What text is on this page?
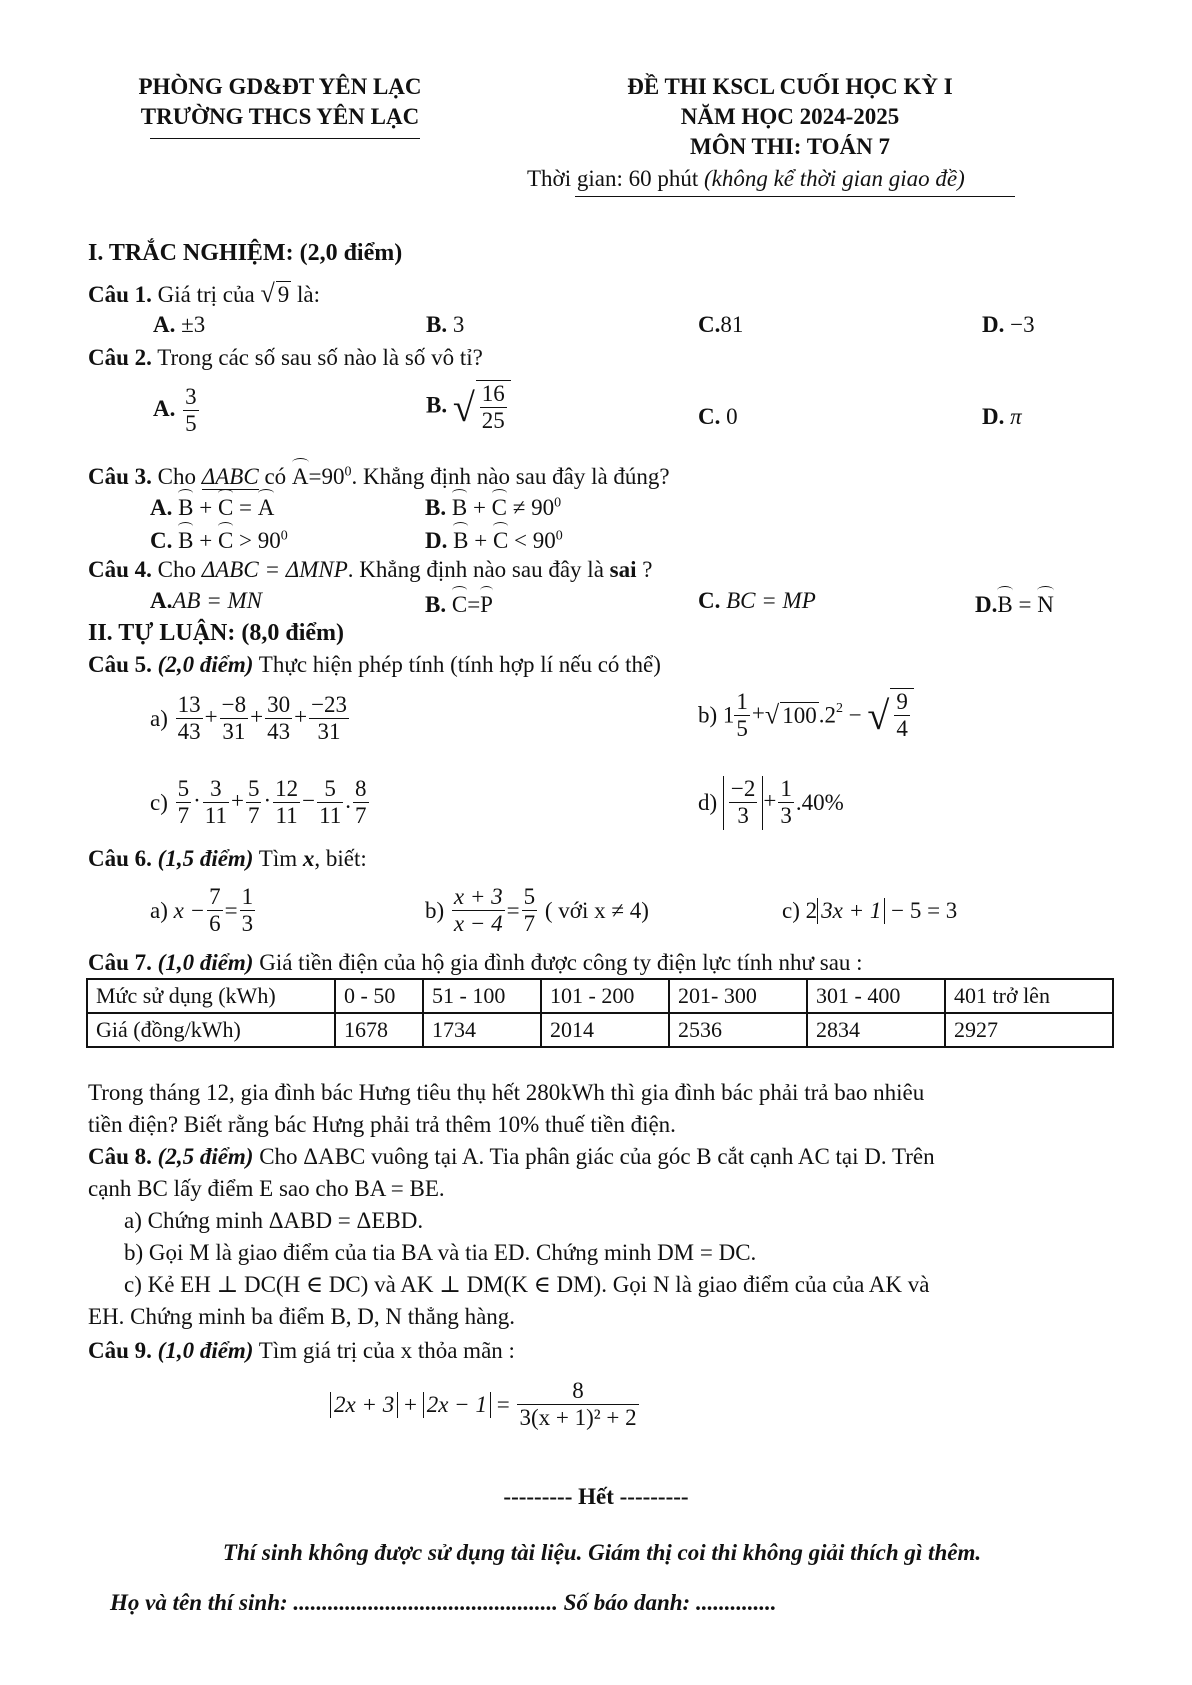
PHÒNG GD&ĐT YÊN LẠC
TRƯỜNG THCS YÊN LẠC
ĐỀ THI KSCL CUỐI HỌC KỲ I
NĂM HỌC 2024-2025
MÔN THI: TOÁN 7
Thời gian: 60 phút (không kể thời gian giao đề)
I. TRẮC NGHIỆM: (2,0 điểm)
Câu 1. Giá trị của √ 9 là:
A. ±3	B. 3	C.81	D. −3
Câu 2. Trong các số sau số nào là số vô tỉ?
A. $\frac{3}{5}$	B. √ $\frac{16}{25}$	C. 0	D. π
Câu 3. Cho ΔABC có $A=90^0$. Khẳng định nào sau đây là đúng?
A. B + C = A	B. $B + C \ne 90^0$
C. $B + C > 90^0$	D. $B + C < 90^0$
Câu 4. Cho ΔABC = ΔMNP. Khẳng định nào sau đây là sai ?
A.AB = MN	B. C=P	C. BC = MP	D.B = N
II. TỰ LUẬN: (8,0 điểm)
Câu 5. (2,0 điểm) Thực hiện phép tính (tính hợp lí nếu có thể)
$a) \frac{13}{43} + \frac{-8}{31} + \frac{30}{43} + \frac{-23}{31}$	b) $1 \frac{1}{5}$ +√ $100.2^2$ − √ $\frac{9}{4}$
$c) \frac{5}{7} \cdot \frac{3}{11} + \frac{5}{7} \cdot \frac{12}{11} - \frac{5}{11}$ . $\frac{8}{7}$	$d) \frac{-2}{3} + \frac{1}{3} .40\%$
Câu 6. (1,5 điểm) Tìm x, biết:
a) $x - \frac{7}{6} = \frac{1}{3}$	$b) \frac{x + 3}{x - 4} = \frac{5}{7}$ ( với x ≠ 4)	c) 2 3x + 1 − 5 = 3
Câu 7. (1,0 điểm) Giá tiền điện của hộ gia đình được công ty điện lực tính như sau :
Mức sử dụng (kWh)	0 - 50	51 - 100	101 - 200	201- 300	301 - 400	401 trở lên
Giá (đồng/kWh)	1678	1734	2014	2536	2834	2927
Trong tháng 12, gia đình bác Hưng tiêu thụ hết 280kWh thì gia đình bác phải trả bao nhiêu
tiền điện? Biết rằng bác Hưng phải trả thêm 10% thuế tiền điện.
Câu 8. (2,5 điểm) Cho ΔABC vuông tại A. Tia phân giác của góc B cắt cạnh AC tại D. Trên
cạnh BC lấy điểm E sao cho BA = BE.
a) Chứng minh ΔABD = ΔEBD.
b) Gọi M là giao điểm của tia BA và tia ED. Chứng minh DM = DC.
c) Kẻ EH ⊥ DC(H ∈ DC) và AK ⊥ DM(K ∈ DM). Gọi N là giao điểm của của AK và
EH. Chứng minh ba điểm B, D, N thẳng hàng.
Câu 9. (1,0 điểm) Tìm giá trị của x thỏa mãn :
$2x + 3 + 2x - 1 = \frac{8}{\text{3(x + 1)² + 2}}$
--------- Hết ---------
Thí sinh không được sử dụng tài liệu. Giám thị coi thi không giải thích gì thêm.
Họ và tên thí sinh: .............................................. Số báo danh: ..............
